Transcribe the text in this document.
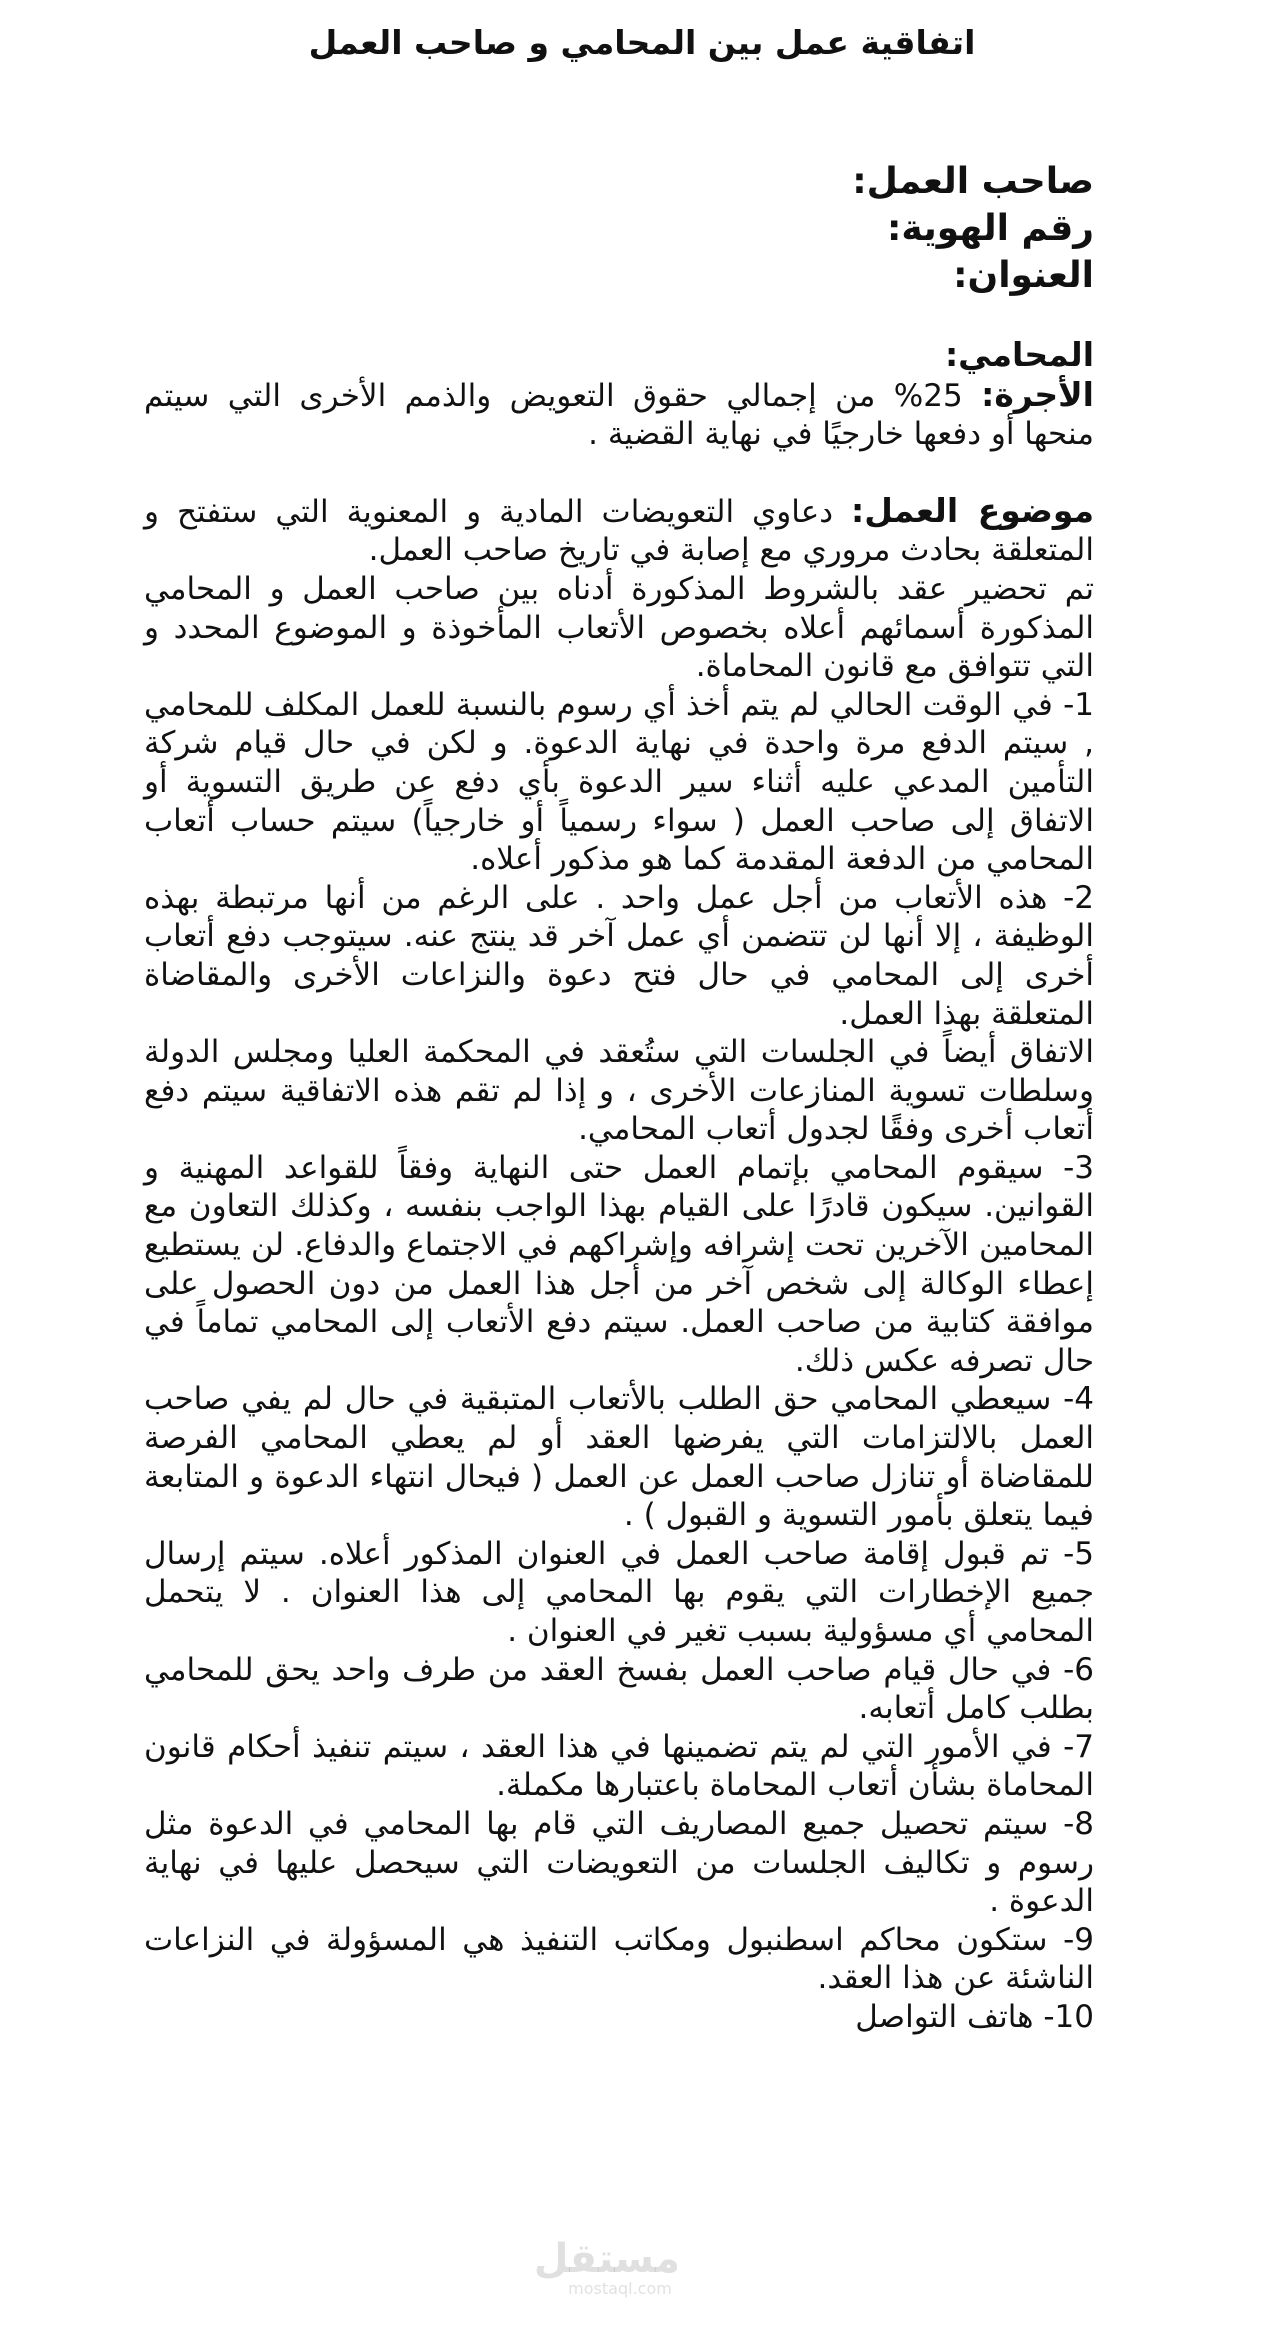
اتفاقية عمل بين المحامي و صاحب العمل

صاحب العمل:

رقم الهوية:

العنوان:

المحامي:

الأجرة: 25% من إجمالي حقوق التعويض والذمم الأخرى التي سيتم منحها أو دفعها خارجيًا في نهاية القضية .

موضوع العمل: دعاوي التعويضات المادية و المعنوية التي ستفتح و المتعلقة بحادث مروري مع إصابة في تاريخ صاحب العمل.

تم تحضير عقد بالشروط المذكورة أدناه بين صاحب العمل و المحامي المذكورة أسمائهم أعلاه بخصوص الأتعاب المأخوذة و الموضوع المحدد و التي تتوافق مع قانون المحاماة.

1- في الوقت الحالي لم يتم أخذ أي رسوم بالنسبة للعمل المكلف للمحامي , سيتم الدفع مرة واحدة في نهاية الدعوة. و لكن في حال قيام شركة التأمين المدعي عليه أثناء سير الدعوة بأي دفع عن طريق التسوية أو الاتفاق إلى صاحب العمل ( سواء رسمياً أو خارجياً) سيتم حساب أتعاب المحامي من الدفعة المقدمة كما هو مذكور أعلاه.

2- هذه الأتعاب من أجل عمل واحد . على الرغم من أنها مرتبطة بهذه الوظيفة ، إلا أنها لن تتضمن أي عمل آخر قد ينتج عنه. سيتوجب دفع أتعاب أخرى إلى المحامي في حال فتح دعوة والنزاعات الأخرى والمقاضاة المتعلقة بهذا العمل.

الاتفاق أيضاً في الجلسات التي ستُعقد في المحكمة العليا ومجلس الدولة وسلطات تسوية المنازعات الأخرى ، و إذا لم تقم هذه الاتفاقية سيتم دفع أتعاب أخرى وفقًا لجدول أتعاب المحامي.

3- سيقوم المحامي بإتمام العمل حتى النهاية وفقاً للقواعد المهنية و القوانين. سيكون قادرًا على القيام بهذا الواجب بنفسه ، وكذلك التعاون مع المحامين الآخرين تحت إشرافه وإشراكهم في الاجتماع والدفاع. لن يستطيع إعطاء الوكالة إلى شخص آخر من أجل هذا العمل من دون الحصول على موافقة كتابية من صاحب العمل. سيتم دفع الأتعاب إلى المحامي تماماً في حال تصرفه عكس ذلك.

4- سيعطي المحامي حق الطلب بالأتعاب المتبقية في حال لم يفي صاحب العمل بالالتزامات التي يفرضها العقد أو لم يعطي المحامي الفرصة للمقاضاة أو تنازل صاحب العمل عن العمل ( فيحال انتهاء الدعوة و المتابعة فيما يتعلق بأمور التسوية و القبول ) .

5- تم قبول إقامة صاحب العمل في العنوان المذكور أعلاه. سيتم إرسال جميع الإخطارات التي يقوم بها المحامي إلى هذا العنوان . لا يتحمل المحامي أي مسؤولية بسبب تغير في العنوان .

6- في حال قيام صاحب العمل بفسخ العقد من طرف واحد يحق للمحامي بطلب كامل أتعابه.

7- في الأمور التي لم يتم تضمينها في هذا العقد ، سيتم تنفيذ أحكام قانون المحاماة بشأن أتعاب المحاماة باعتبارها مكملة.

8- سيتم تحصيل جميع المصاريف التي قام بها المحامي في الدعوة مثل رسوم و تكاليف الجلسات من التعويضات التي سيحصل عليها في نهاية الدعوة .

9- ستكون محاكم اسطنبول ومكاتب التنفيذ هي المسؤولة في النزاعات الناشئة عن هذا العقد.

10- هاتف التواصل

مستقل
mostaql.com
